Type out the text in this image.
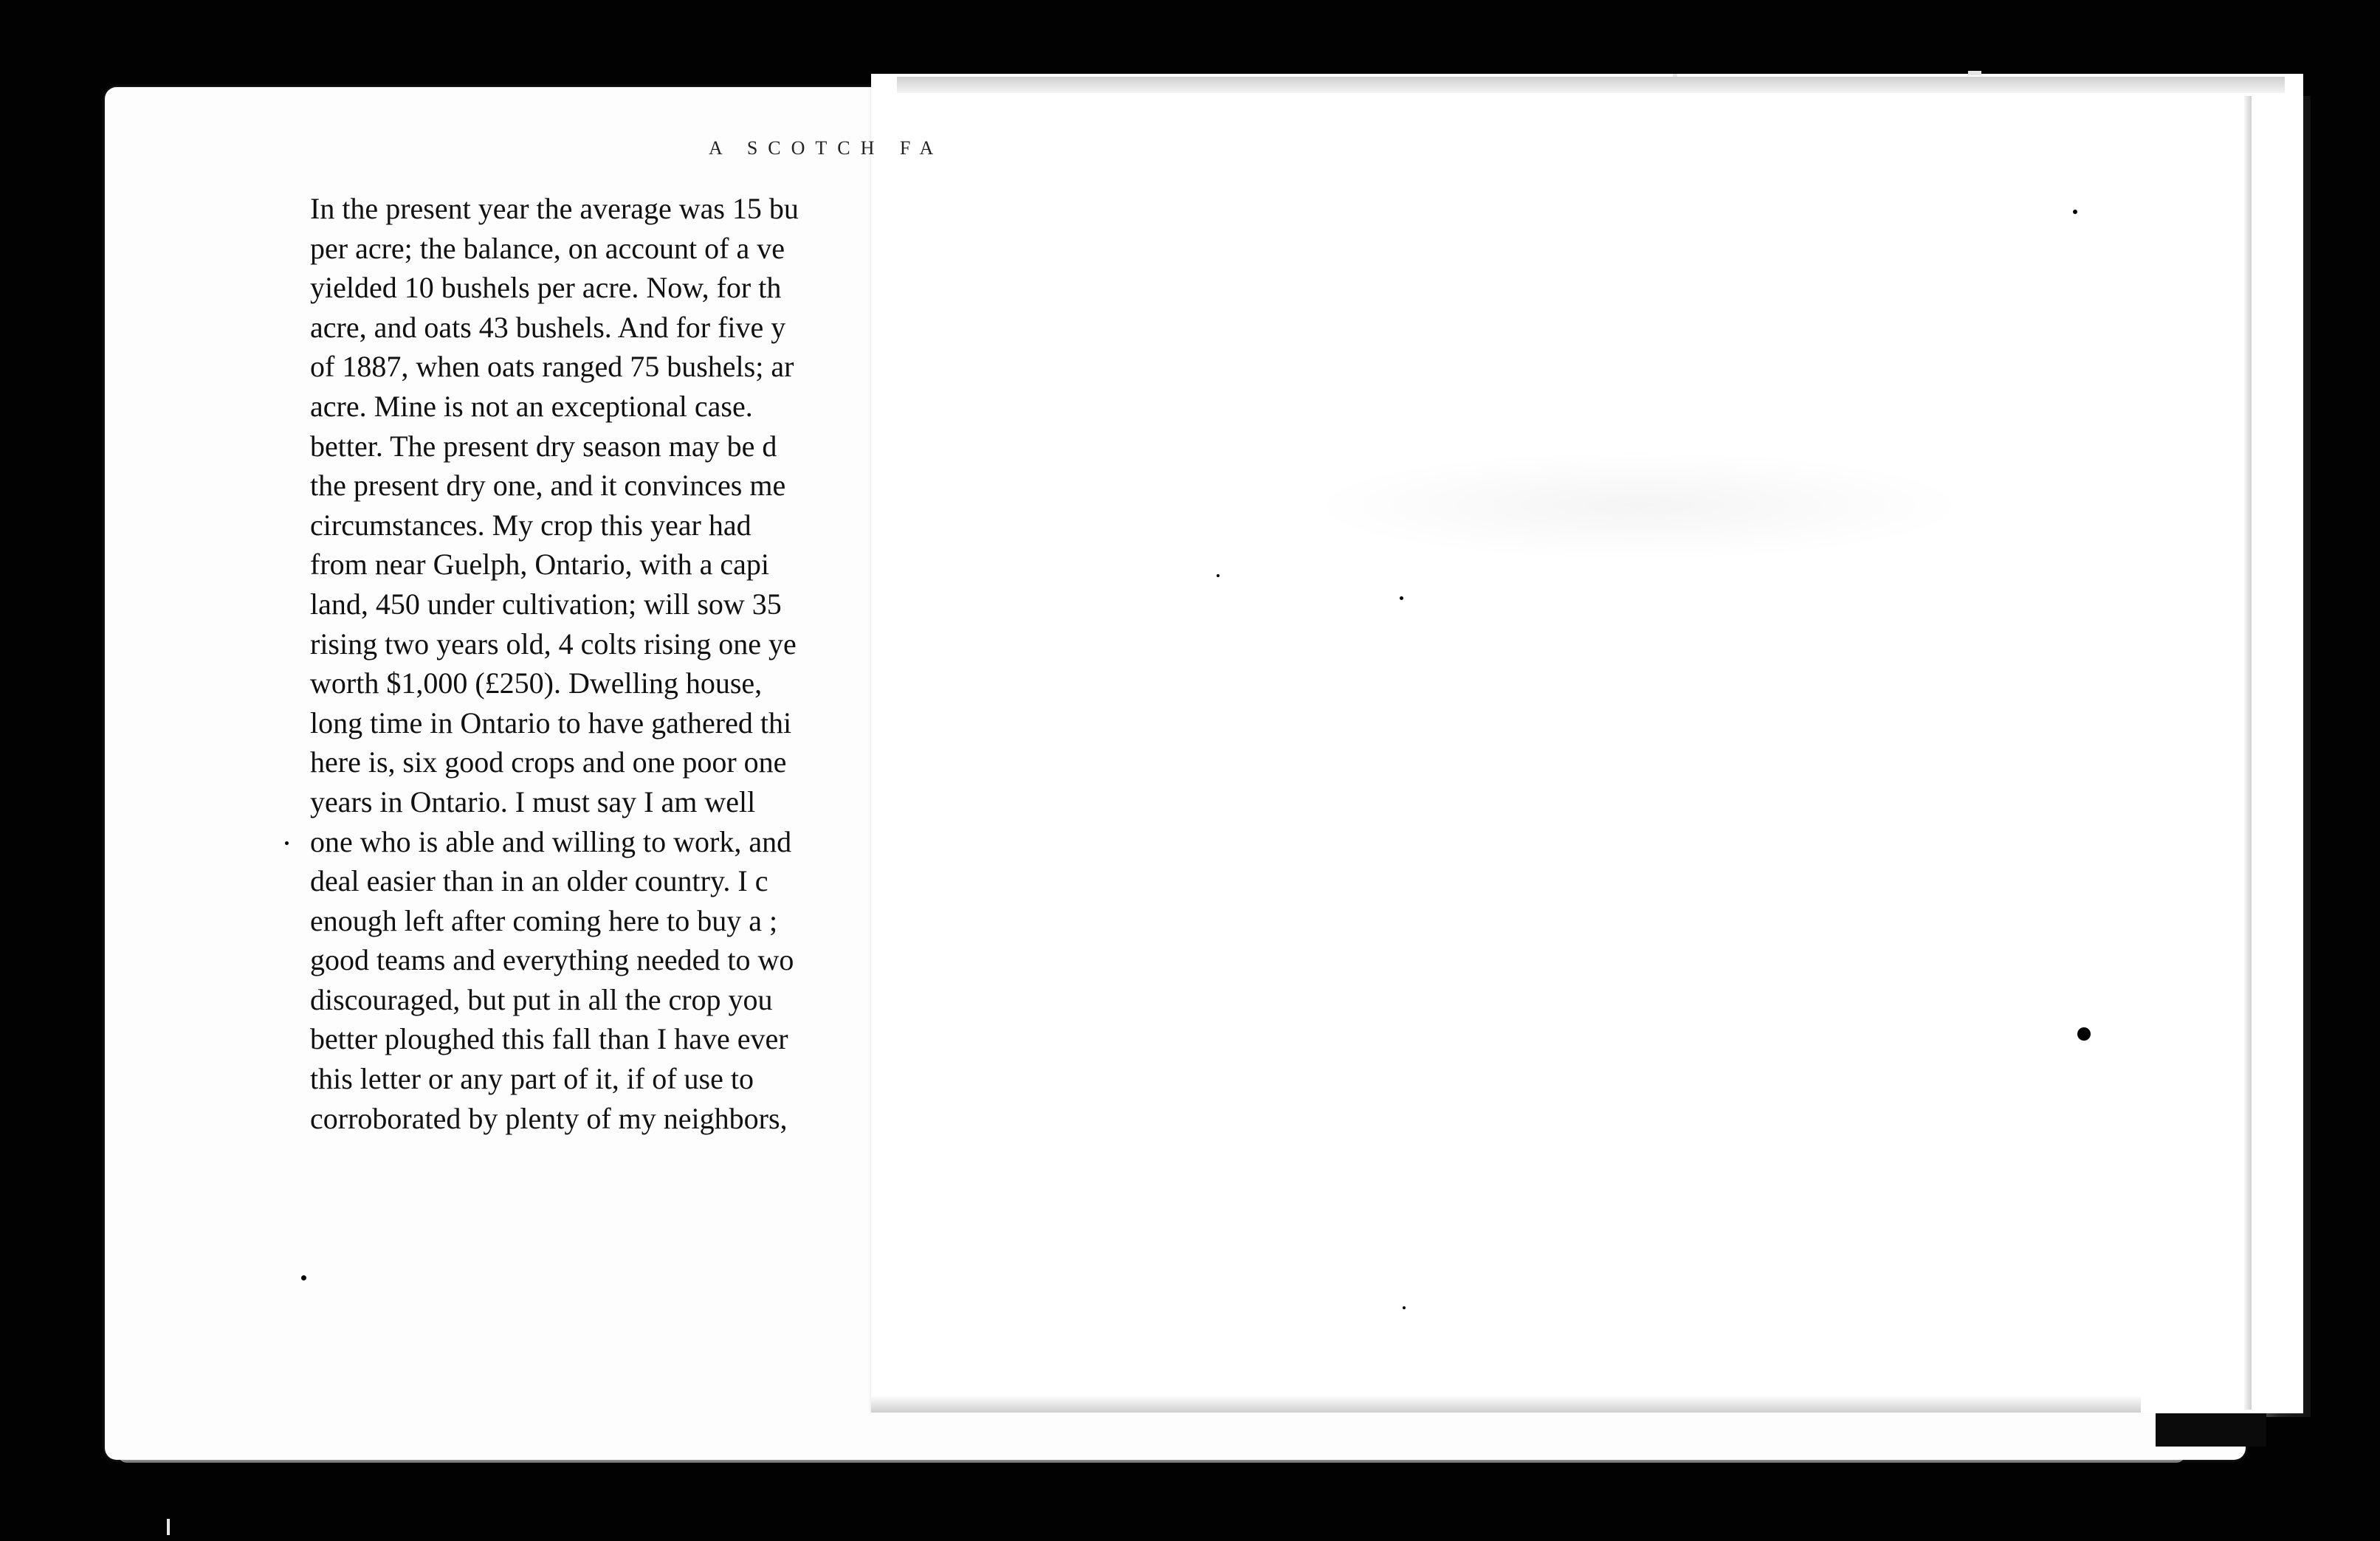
A SCOTCH FA
In the present year the average was 15 bu
per acre; the balance, on account of a ve
yielded 10 bushels per acre. Now, for th
acre, and oats 43 bushels. And for five y
of 1887, when oats ranged 75 bushels; ar
acre. Mine is not an exceptional case.
better. The present dry season may be d
the present dry one, and it convinces me
circumstances. My crop this year had
from near Guelph, Ontario, with a capi
land, 450 under cultivation; will sow 35
rising two years old, 4 colts rising one ye
worth $1,000 (£250). Dwelling house,
long time in Ontario to have gathered thi
here is, six good crops and one poor one
years in Ontario. I must say I am well
one who is able and willing to work, and
deal easier than in an older country. I c
enough left after coming here to buy a ;
good teams and everything needed to wo
discouraged, but put in all the crop you
better ploughed this fall than I have ever
this letter or any part of it, if of use to
corroborated by plenty of my neighbors,
